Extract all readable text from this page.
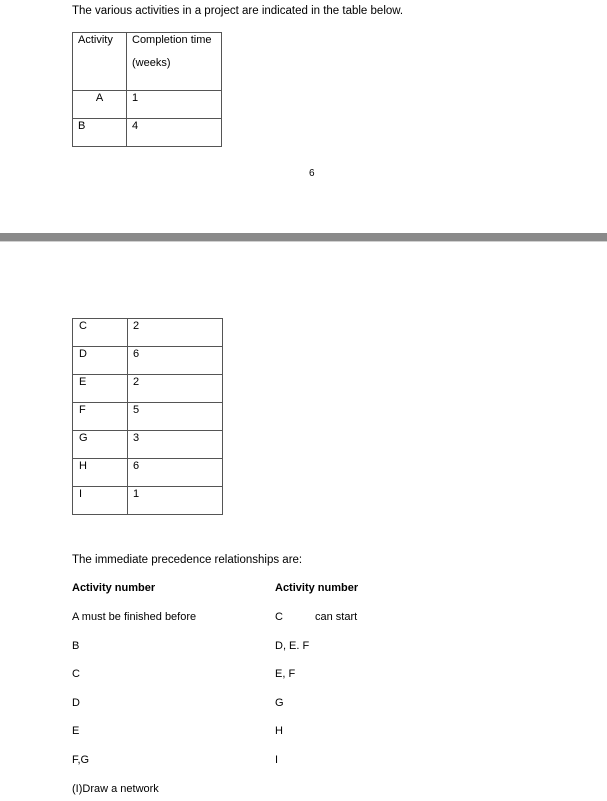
The various activities in a project are indicated in the table below.
Activity	Completion time
(weeks)

A	1
B	4
6
C	2
D	6
E	2
F	5
G	3
H	6
I	1
The immediate precedence relationships are:
Activity number	Activity number
A must be finished before	C	can start
B	D, E. F
C	E, F
D	G
E	H
F,G	I
(I)Draw a network
